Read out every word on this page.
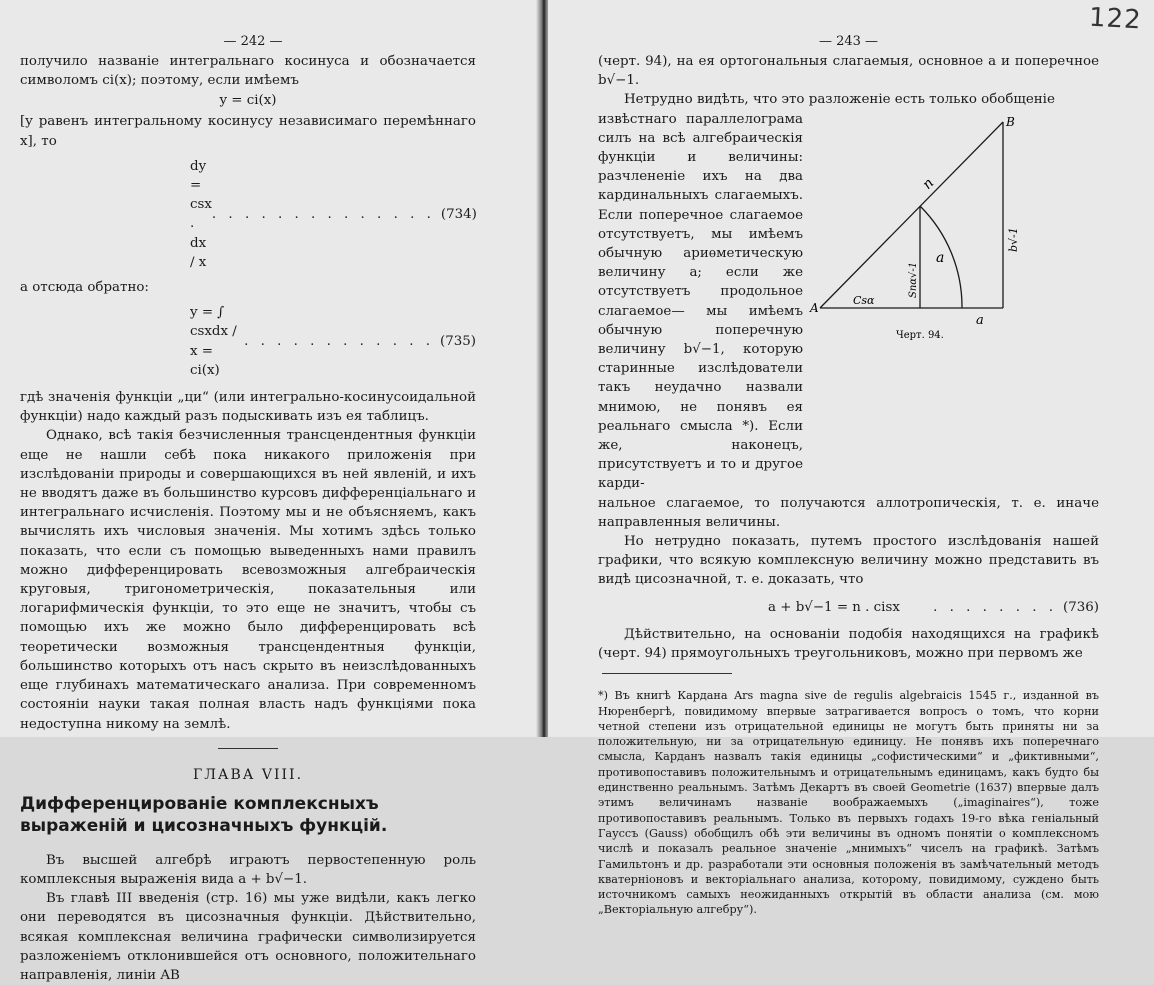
— 242 —

получило названіе интегральнаго косинуса и обозначается символомъ ci(x); поэтому, если имѣемъ

y = ci(x)

[y равенъ интегральному косинусу независимаго перемѣннаго x], то

dy = csx . dx / x
. . . . . . . . . . . . . . (734)

а отсюда обратно:

y = ∫ csxdx / x = ci(x)
. . . . . . . . . . . . (735)

гдѣ значенія функціи „ци“ (или интегрально-косинусоидальной функціи) надо каждый разъ подыскивать изъ ея таблицъ.

Однако, всѣ такія безчисленныя трансцендентныя функціи еще не нашли себѣ пока никакого приложенія при изслѣдованіи природы и совершающихся въ ней явленій, и ихъ не вводятъ даже въ большинство курсовъ дифференціальнаго и интегральнаго исчисленія. Поэтому мы и не объясняемъ, какъ вычислять ихъ числовыя значенія. Мы хотимъ здѣсь только показать, что если съ помощью выведенныхъ нами правилъ можно дифференцировать всевозможныя алгебраическія круговыя, тригонометрическія, показательныя или логарифмическія функціи, то это еще не значитъ, чтобы съ помощью ихъ же можно было дифференцировать всѣ теоретически возможныя трансцендентныя функціи, большинство которыхъ отъ насъ скрыто въ неизслѣдованныхъ еще глубинахъ математическаго анализа. При современномъ состояніи науки такая полная власть надъ функціями пока недоступна никому на землѣ.

ГЛАВА VIII.
Дифференцированіе комплексныхъ выраженій и цисозначныхъ функцій.

Въ высшей алгебрѣ играютъ первостепенную роль комплексныя выраженія вида a + b√−1.

Въ главѣ III введенія (стр. 16) мы уже видѣли, какъ легко они переводятся въ цисозначныя функціи. Дѣйствительно, всякая комплексная величина графически символизируется разложеніемъ отклонившейся отъ основного, положительнаго направленія, линіи AB

122
— 243 —

(черт. 94), на ея ортогональныя слагаемыя, основное a и поперечное b√−1.

Нетрудно видѣть, что это разложеніе есть только обобщеніе

извѣстнаго параллелограма силъ на всѣ алгебраическія функціи и величины: разчлененіе ихъ на два кардинальныхъ слагаемыхъ. Если поперечное слагаемое отсутствуетъ, мы имѣемъ обычную ариѳметическую величину a; если же отсутствуетъ продольное слагаемое— мы имѣемъ обычную поперечную величину b√−1, которую старинные изслѣдователи такъ неудачно назвали мнимою, не понявъ ея реальнаго смысла *). Если же, наконецъ, присутствуетъ и то и другое карди-

A
B
n
a
a
Csα
Snα√-1
b√-1
Черт. 94.

нальное слагаемое, то получаются аллотропическія, т. е. иначе направленныя величины.

Но нетрудно показать, путемъ простого изслѣдованія нашей графики, что всякую комплексную величину можно представить въ видѣ цисозначной, т. е. доказать, что

a + b√−1 = n . cisx	. . . . . . . . (736)

Дѣйствительно, на основаніи подобія находящихся на графикѣ (черт. 94) прямоугольныхъ треугольниковъ, можно при первомъ же

*) Въ книгѣ Кардана Ars magna sive de regulis algebraicis 1545 г., изданной въ Нюренбергѣ, повидимому впервые затрагивается вопросъ о томъ, что корни четной степени изъ отрицательной единицы не могутъ быть приняты ни за положительную, ни за отрицательную единицу. Не понявъ ихъ поперечнаго смысла, Карданъ назвалъ такія единицы „софистическими“ и „фиктивными“, противопоставивъ положительнымъ и отрицательнымъ единицамъ, какъ будто бы единственно реальнымъ. Затѣмъ Декартъ въ своей Geometrie (1637) впервые далъ этимъ величинамъ названіе воображаемыхъ („imaginaires“), тоже противопоставивъ реальнымъ. Только въ первыхъ годахъ 19-го вѣка геніальный Гауссъ (Gauss) обобщилъ обѣ эти величины въ одномъ понятіи о комплексномъ числѣ и показалъ реальное значеніе „мнимыхъ“ чиселъ на графикѣ. Затѣмъ Гамильтонъ и др. разработали эти основныя положенія въ замѣчательный методъ кватерніоновъ и векторіальнаго анализа, которому, повидимому, суждено быть источникомъ самыхъ неожиданныхъ открытій въ области анализа (см. мою „Векторіальную алгебру“).
